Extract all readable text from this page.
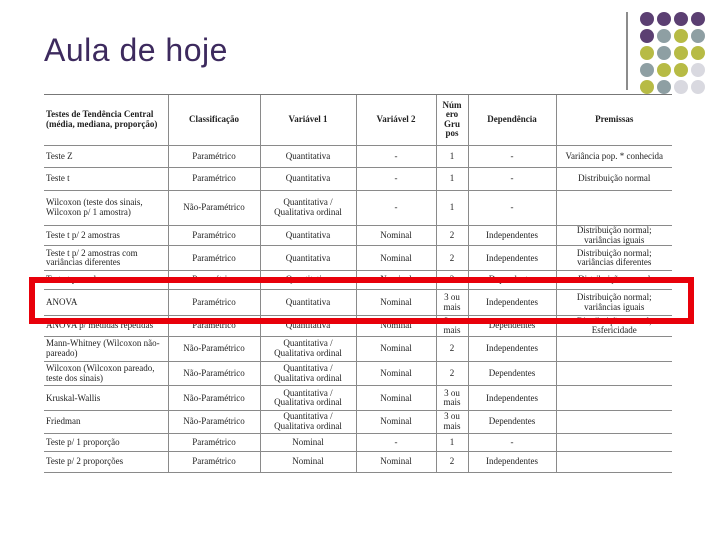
Aula de hoje
Testes de Tendência Central (média, mediana, proporção)	Classificação	Variável 1	Variável 2	Núm ero Gru pos	Dependência	Premissas
Teste Z	Paramétrico	Quantitativa	-	1	-	Variância pop. * conhecida
Teste t	Paramétrico	Quantitativa	-	1	-	Distribuição normal
Wilcoxon (teste dos sinais, Wilcoxon p/ 1 amostra)	Não-Paramétrico	Quantitativa / Qualitativa ordinal	-	1	-	
Teste t p/ 2 amostras	Paramétrico	Quantitativa	Nominal	2	Independentes	Distribuição normal; variâncias iguais
Teste t p/ 2 amostras com variâncias diferentes	Paramétrico	Quantitativa	Nominal	2	Independentes	Distribuição normal; variâncias diferentes
Teste t pareado	Paramétrico	Quantitativa	Nominal	2	Dependentes	Distribuição normal
ANOVA	Paramétrico	Quantitativa	Nominal	3 ou mais	Independentes	Distribuição normal; variâncias iguais
ANOVA p/ medidas repetidas	Paramétrico	Quantitativa	Nominal	3 ou mais	Dependentes	Distribuição normal; Esfericidade
Mann-Whitney (Wilcoxon não-pareado)	Não-Paramétrico	Quantitativa / Qualitativa ordinal	Nominal	2	Independentes	
Wilcoxon (Wilcoxon pareado, teste dos sinais)	Não-Paramétrico	Quantitativa / Qualitativa ordinal	Nominal	2	Dependentes	
Kruskal-Wallis	Não-Paramétrico	Quantitativa / Qualitativa ordinal	Nominal	3 ou mais	Independentes	
Friedman	Não-Paramétrico	Quantitativa / Qualitativa ordinal	Nominal	3 ou mais	Dependentes	
Teste p/ 1 proporção	Paramétrico	Nominal	-	1	-	
Teste p/ 2 proporções	Paramétrico	Nominal	Nominal	2	Independentes	
